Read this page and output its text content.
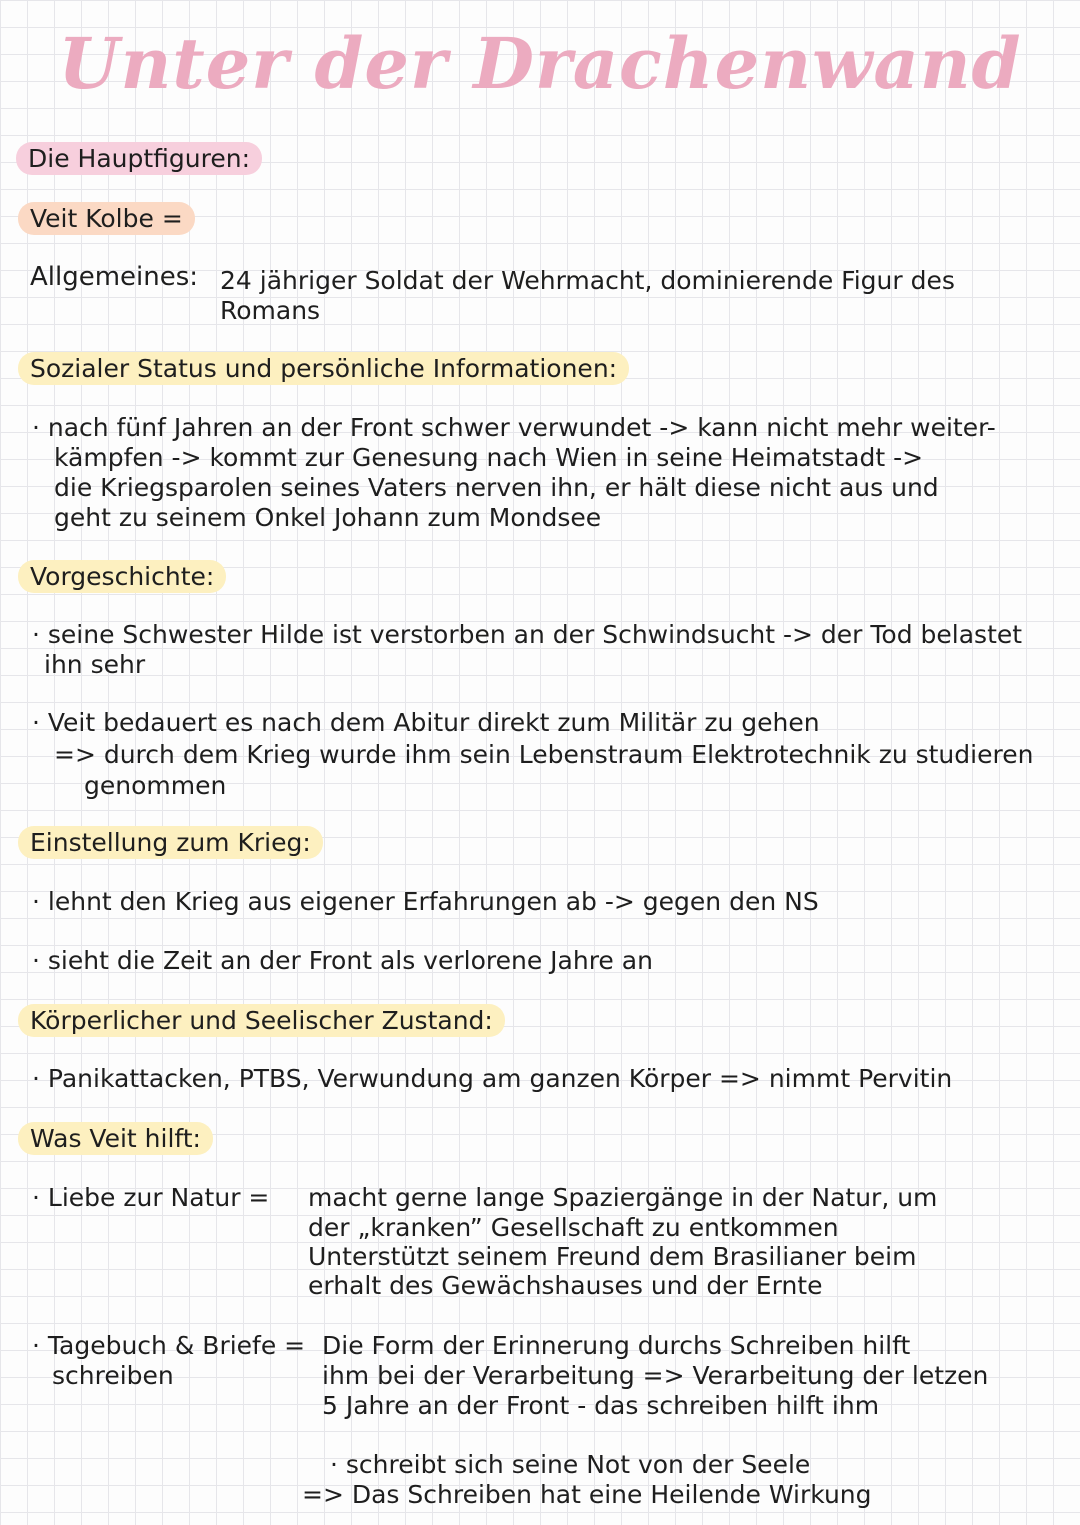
Unter der Drachenwand
Die Hauptfiguren:
Veit Kolbe =
Allgemeines: 24 jähriger Soldat der Wehrmacht, dominierende Figur des
Romans
Sozialer Status und persönliche Informationen:
· nach fünf Jahren an der Front schwer verwundet -> kann nicht mehr weiter-
kämpfen -> kommt zur Genesung nach Wien in seine Heimatstadt ->
die Kriegsparolen seines Vaters nerven ihn, er hält diese nicht aus und
geht zu seinem Onkel Johann zum Mondsee
Vorgeschichte:
· seine Schwester Hilde ist verstorben an der Schwindsucht -> der Tod belastet
ihn sehr
· Veit bedauert es nach dem Abitur direkt zum Militär zu gehen
=> durch dem Krieg wurde ihm sein Lebenstraum Elektrotechnik zu studieren
genommen
Einstellung zum Krieg:
· lehnt den Krieg aus eigener Erfahrungen ab -> gegen den NS
· sieht die Zeit an der Front als verlorene Jahre an
Körperlicher und Seelischer Zustand:
· Panikattacken, PTBS, Verwundung am ganzen Körper => nimmt Pervitin
Was Veit hilft:
· Liebe zur Natur = macht gerne lange Spaziergänge in der Natur, um
der „kranken” Gesellschaft zu entkommen
Unterstützt seinem Freund dem Brasilianer beim
erhalt des Gewächshauses und der Ernte
· Tagebuch & Briefe =
schreiben
Die Form der Erinnerung durchs Schreiben hilft
ihm bei der Verarbeitung => Verarbeitung der letzen
5 Jahre an der Front - das schreiben hilft ihm
· schreibt sich seine Not von der Seele
=> Das Schreiben hat eine Heilende Wirkung
